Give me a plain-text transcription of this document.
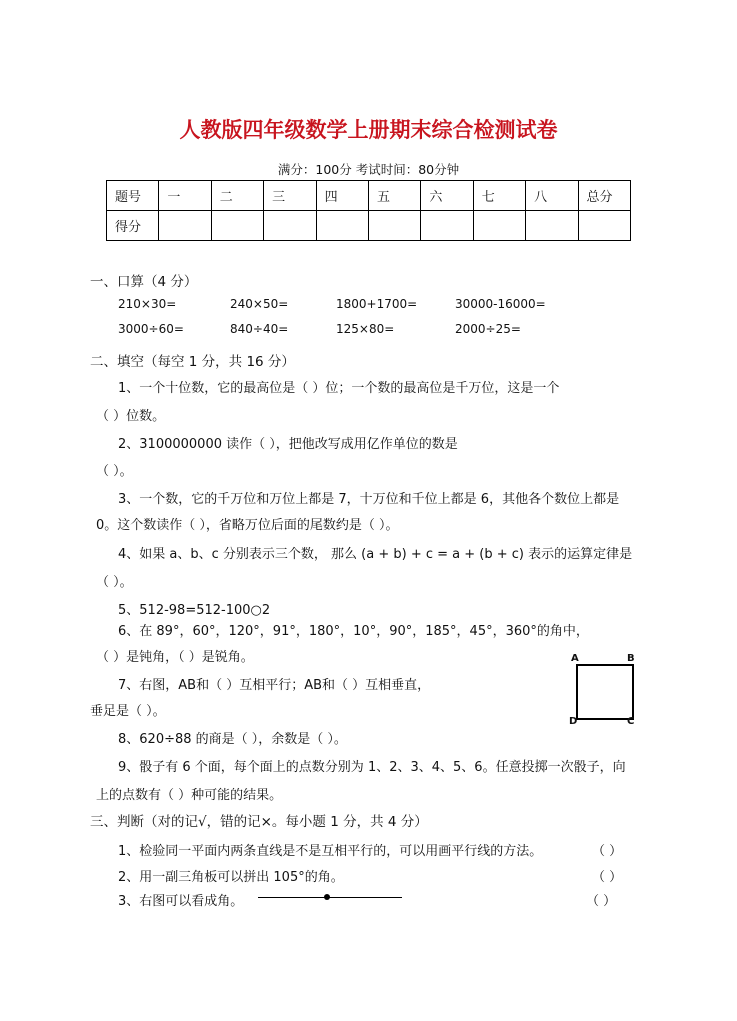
人教版四年级数学上册期末综合检测试卷
满分：100分 考试时间：80分钟
题号	一	二	三	四	五	六	七	八	总分
得分									
一、口算（4 分）
210×30=	240×50=	1800+1700=	30000-16000=
3000÷60=	840÷40=	125×80=	2000÷25=
二、填空（每空 1 分，共 16 分）
1、一个十位数，它的最高位是（ ）位；一个数的最高位是千万位，这是一个
（ ）位数。
2、3100000000 读作（ ），把他改写成用亿作单位的数是
（ ）。
3、一个数，它的千万位和万位上都是 7，十万位和千位上都是 6，其他各个数位上都是
0。这个数读作（ ），省略万位后面的尾数约是（ ）。
4、如果 a、b、c 分别表示三个数， 那么 (a + b) + c = a + (b + c) 表示的运算定律是
（ ）。
5、512-98=512-100○2
6、在 89°，60°，120°，91°，180°，10°，90°，185°，45°，360°的角中，
（ ）是钝角，（ ）是锐角。
7、右图，AB和（ ）互相平行；AB和（ ）互相垂直，
垂足是（ ）。
A	B
D	C
8、620÷88 的商是（ ），余数是（ ）。
9、骰子有 6 个面，每个面上的点数分别为 1、2、3、4、5、6。任意投掷一次骰子，向
上的点数有（ ）种可能的结果。
三、判断（对的记√，错的记×。每小题 1 分，共 4 分）
1、检验同一平面内两条直线是不是互相平行的，可以用画平行线的方法。	（ ）
2、用一副三角板可以拼出 105°的角。	（ ）
3、右图可以看成角。	（ ）
